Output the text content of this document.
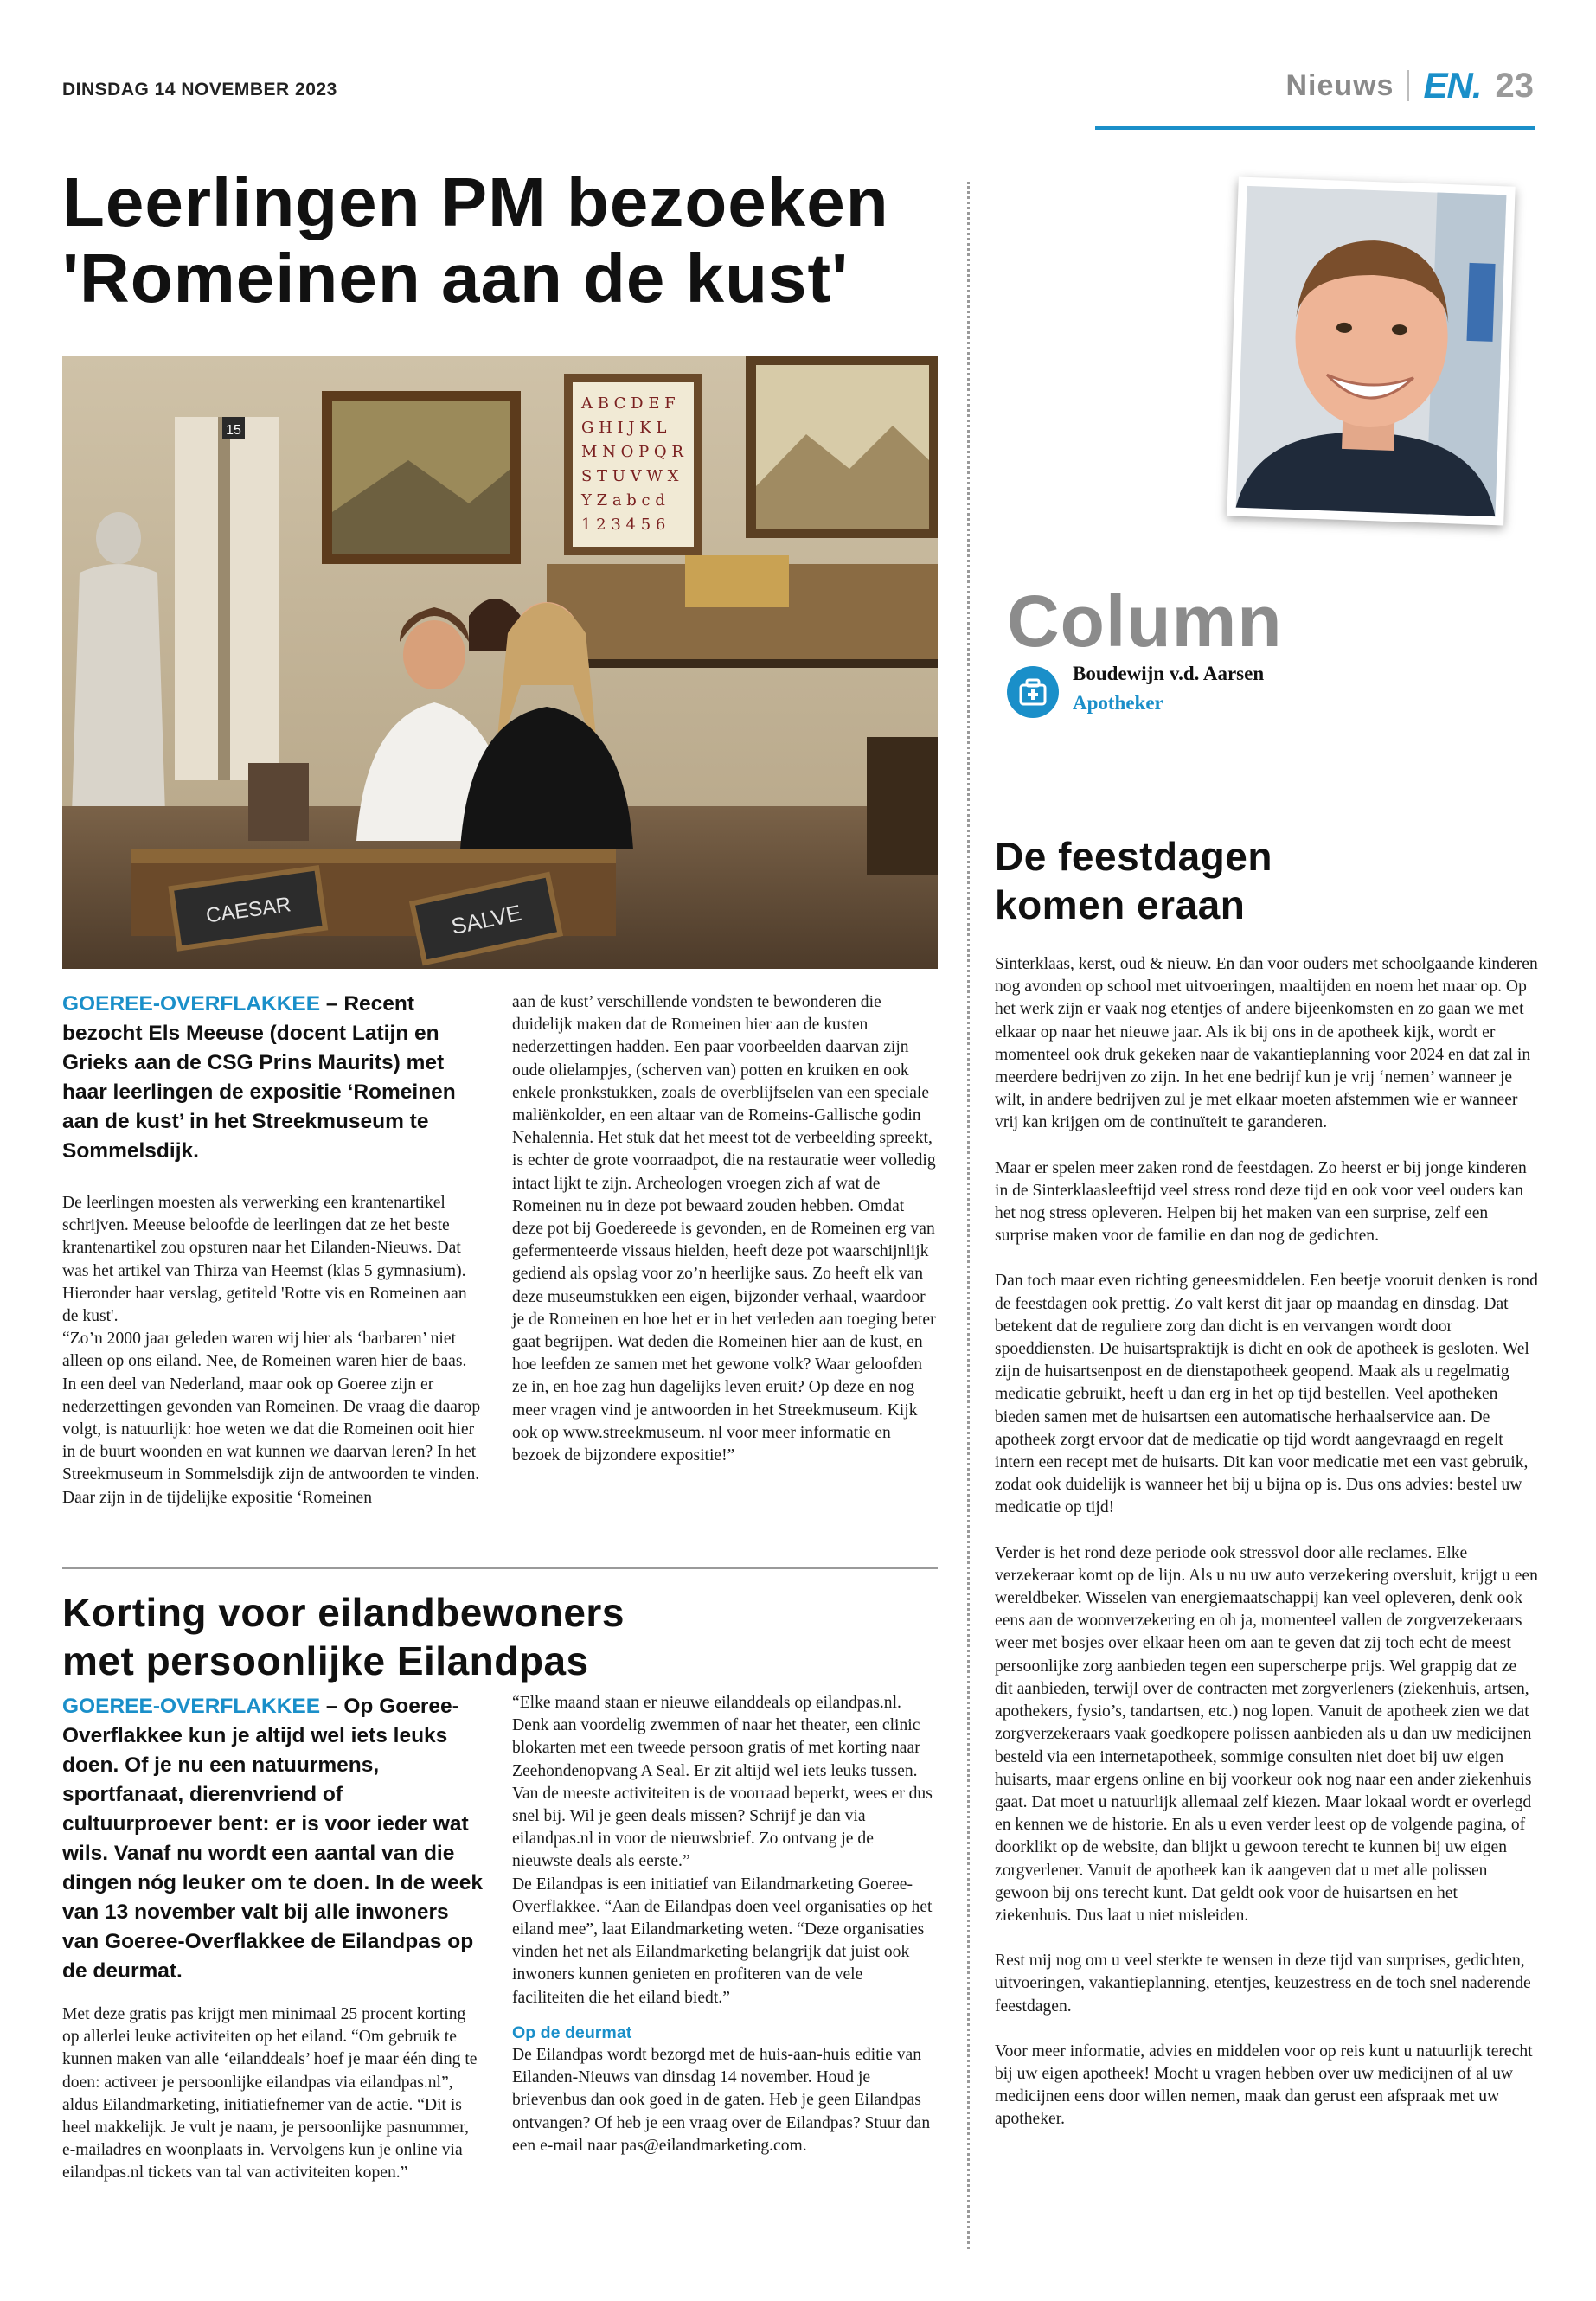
DINSDAG 14 NOVEMBER 2023	Nieuws EN. 23
Leerlingen PM bezoeken
'Romeinen aan de kust'
15
A B C D E F
G H I J K L
M N O P Q R
S T U V W X
Y Z a b c d
1 2 3 4 5 6
CAESAR	SALVE
GOEREE-OVERFLAKKEE – Recent bezocht Els Meeuse (docent Latijn en Grieks aan de CSG Prins Maurits) met haar leerlingen de expositie ‘Romeinen aan de kust’ in het Streekmuseum te Sommelsdijk.

De leerlingen moesten als verwerking een krantenartikel schrijven. Meeuse beloofde de leerlingen dat ze het beste krantenartikel zou opsturen naar het Eilanden-Nieuws. Dat was het artikel van Thirza van Heemst (klas 5 gymnasium). Hieronder haar verslag, getiteld 'Rotte vis en Romeinen aan de kust'.

“Zo’n 2000 jaar geleden waren wij hier als ‘barbaren’ niet alleen op ons eiland. Nee, de Romeinen waren hier de baas. In een deel van Nederland, maar ook op Goeree zijn er nederzettingen gevonden van Romeinen. De vraag die daarop volgt, is natuurlijk: hoe weten we dat die Romeinen ooit hier in de buurt woonden en wat kunnen we daarvan leren? In het Streekmuseum in Sommelsdijk zijn de antwoorden te vinden. Daar zijn in de tijdelijke expositie ‘Romeinen

aan de kust’ verschillende vondsten te bewonderen die duidelijk maken dat de Romeinen hier aan de kusten nederzettingen hadden. Een paar voorbeelden daarvan zijn oude olielampjes, (scherven van) potten en kruiken en ook enkele pronkstukken, zoals de overblijfselen van een speciale maliënkolder, en een altaar van de Romeins-Gallische godin Nehalennia. Het stuk dat het meest tot de verbeelding spreekt, is echter de grote voorraadpot, die na restauratie weer volledig intact lijkt te zijn. Archeologen vroegen zich af wat de Romeinen nu in deze pot bewaard zouden hebben. Omdat deze pot bij Goedereede is gevonden, en de Romeinen erg van gefermenteerde vissaus hielden, heeft deze pot waarschijnlijk gediend als opslag voor zo’n heerlijke saus. Zo heeft elk van deze museumstukken een eigen, bijzonder verhaal, waardoor je de Romeinen en hoe het er in het verleden aan toeging beter gaat begrijpen. Wat deden die Romeinen hier aan de kust, en hoe leefden ze samen met het gewone volk? Waar geloofden ze in, en hoe zag hun dagelijks leven eruit? Op deze en nog meer vragen vind je antwoorden in het Streekmuseum. Kijk ook op www.streekmuseum. nl voor meer informatie en bezoek de bijzondere expositie!”

Korting voor eilandbewoners
met persoonlijke Eilandpas
GOEREE-OVERFLAKKEE – Op Goeree-Overflakkee kun je altijd wel iets leuks doen. Of je nu een natuurmens, sportfanaat, dierenvriend of cultuurproever bent: er is voor ieder wat wils. Vanaf nu wordt een aantal van die dingen nóg leuker om te doen. In de week van 13 november valt bij alle inwoners van Goeree-Overflakkee de Eilandpas op de deurmat.

Met deze gratis pas krijgt men minimaal 25 procent korting op allerlei leuke activiteiten op het eiland. “Om gebruik te kunnen maken van alle ‘eilanddeals’ hoef je maar één ding te doen: activeer je persoonlijke eilandpas via eilandpas.nl”, aldus Eilandmarketing, initiatiefnemer van de actie. “Dit is heel makkelijk. Je vult je naam, je persoonlijke pasnummer, e-mailadres en woonplaats in. Vervolgens kun je online via eilandpas.nl tickets van tal van activiteiten kopen.”

“Elke maand staan er nieuwe eilanddeals op eilandpas.nl. Denk aan voordelig zwemmen of naar het theater, een clinic blokarten met een tweede persoon gratis of met korting naar Zeehondenopvang A Seal. Er zit altijd wel iets leuks tussen. Van de meeste activiteiten is de voorraad beperkt, wees er dus snel bij. Wil je geen deals missen? Schrijf je dan via eilandpas.nl in voor de nieuwsbrief. Zo ontvang je de nieuwste deals als eerste.”

De Eilandpas is een initiatief van Eilandmarketing Goeree-Overflakkee. “Aan de Eilandpas doen veel organisaties op het eiland mee”, laat Eilandmarketing weten. “Deze organisaties vinden het net als Eilandmarketing belangrijk dat juist ook inwoners kunnen genieten en profiteren van de vele faciliteiten die het eiland biedt.”

Op de deurmat

De Eilandpas wordt bezorgd met de huis-aan-huis editie van Eilanden-Nieuws van dinsdag 14 november. Houd je brievenbus dan ook goed in de gaten. Heb je geen Eilandpas ontvangen? Of heb je een vraag over de Eilandpas? Stuur dan een e-mail naar pas@eilandmarketing.com.

Column
Boudewijn v.d. Aarsen
Apotheker
De feestdagen
komen eraan

Sinterklaas, kerst, oud & nieuw. En dan voor ouders met schoolgaande kinderen nog avonden op school met uitvoeringen, maaltijden en noem het maar op. Op het werk zijn er vaak nog etentjes of andere bijeenkomsten en zo gaan we met elkaar op naar het nieuwe jaar. Als ik bij ons in de apotheek kijk, wordt er momenteel ook druk gekeken naar de vakantieplanning voor 2024 en dat zal in meerdere bedrijven zo zijn. In het ene bedrijf kun je vrij ‘nemen’ wanneer je wilt, in andere bedrijven zul je met elkaar moeten afstemmen wie er wanneer vrij kan krijgen om de continuïteit te garanderen.

Maar er spelen meer zaken rond de feestdagen. Zo heerst er bij jonge kinderen in de Sinterklaasleeftijd veel stress rond deze tijd en ook voor veel ouders kan het nog stress opleveren. Helpen bij het maken van een surprise, zelf een surprise maken voor de familie en dan nog de gedichten.

Dan toch maar even richting geneesmiddelen. Een beetje vooruit denken is rond de feestdagen ook prettig. Zo valt kerst dit jaar op maandag en dinsdag. Dat betekent dat de reguliere zorg dan dicht is en vervangen wordt door spoeddiensten. De huisartspraktijk is dicht en ook de apotheek is gesloten. Wel zijn de huisartsenpost en de dienstapotheek geopend. Maak als u regelmatig medicatie gebruikt, heeft u dan erg in het op tijd bestellen. Veel apotheken bieden samen met de huisartsen een automatische herhaalservice aan. De apotheek zorgt ervoor dat de medicatie op tijd wordt aangevraagd en regelt intern een recept met de huisarts. Dit kan voor medicatie met een vast gebruik, zodat ook duidelijk is wanneer het bij u bijna op is. Dus ons advies: bestel uw medicatie op tijd!

Verder is het rond deze periode ook stressvol door alle reclames. Elke verzekeraar komt op de lijn. Als u nu uw auto verzekering oversluit, krijgt u een wereldbeker. Wisselen van energiemaatschappij kan veel opleveren, denk ook eens aan de woonverzekering en oh ja, momenteel vallen de zorgverzekeraars weer met bosjes over elkaar heen om aan te geven dat zij toch echt de meest persoonlijke zorg aanbieden tegen een superscherpe prijs. Wel grappig dat ze dit aanbieden, terwijl over de contracten met zorgverleners (ziekenhuis, artsen, apothekers, fysio’s, tandartsen, etc.) nog lopen. Vanuit de apotheek zien we dat zorgverzekeraars vaak goedkopere polissen aanbieden als u dan uw medicijnen besteld via een internetapotheek, sommige consulten niet doet bij uw eigen huisarts, maar ergens online en bij voorkeur ook nog naar een ander ziekenhuis gaat. Dat moet u natuurlijk allemaal zelf kiezen. Maar lokaal wordt er overlegd en kennen we de historie. En als u even verder leest op de volgende pagina, of doorklikt op de website, dan blijkt u gewoon terecht te kunnen bij uw eigen zorgverlener. Vanuit de apotheek kan ik aangeven dat u met alle polissen gewoon bij ons terecht kunt. Dat geldt ook voor de huisartsen en het ziekenhuis. Dus laat u niet misleiden.

Rest mij nog om u veel sterkte te wensen in deze tijd van surprises, gedichten, uitvoeringen, vakantieplanning, etentjes, keuzestress en de toch snel naderende feestdagen.

Voor meer informatie, advies en middelen voor op reis kunt u natuurlijk terecht bij uw eigen apotheek! Mocht u vragen hebben over uw medicijnen of al uw medicijnen eens door willen nemen, maak dan gerust een afspraak met uw apotheker.
